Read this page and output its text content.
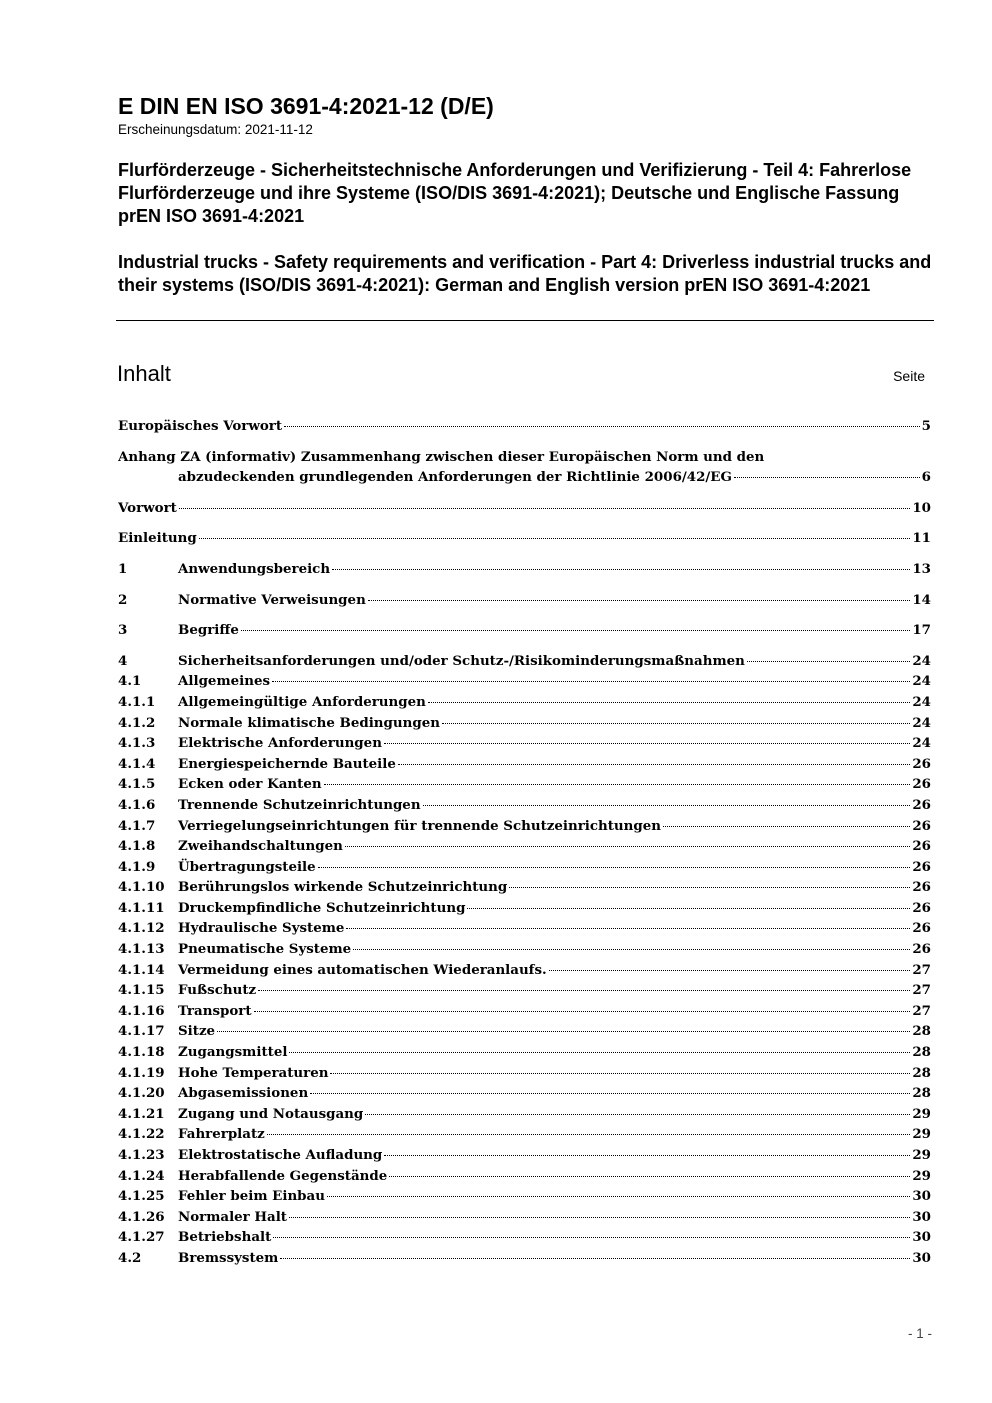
E DIN EN ISO 3691-4:2021-12 (D/E)
Erscheinungsdatum: 2021-11-12
Flurförderzeuge - Sicherheitstechnische Anforderungen und Verifizierung - Teil 4: Fahrerlose Flurförderzeuge und ihre Systeme (ISO/DIS 3691-4:2021); Deutsche und Englische Fassung prEN ISO 3691-4:2021
Industrial trucks - Safety requirements and verification - Part 4: Driverless industrial trucks and their systems (ISO/DIS 3691-4:2021): German and English version prEN ISO 3691-4:2021
Inhalt	Seite
Europäisches Vorwort	5
Anhang ZA (informativ) Zusammenhang zwischen dieser Europäischen Norm und den
abzudeckenden grundlegenden Anforderungen der Richtlinie 2006/42/EG	6
Vorwort	10
Einleitung	11
1	Anwendungsbereich	13
2	Normative Verweisungen	14
3	Begriffe	17
4	Sicherheitsanforderungen und/oder Schutz-/Risikominderungsmaßnahmen	24
4.1	Allgemeines	24
4.1.1	Allgemeingültige Anforderungen	24
4.1.2	Normale klimatische Bedingungen	24
4.1.3	Elektrische Anforderungen	24
4.1.4	Energiespeichernde Bauteile	26
4.1.5	Ecken oder Kanten	26
4.1.6	Trennende Schutzeinrichtungen	26
4.1.7	Verriegelungseinrichtungen für trennende Schutzeinrichtungen	26
4.1.8	Zweihandschaltungen	26
4.1.9	Übertragungsteile	26
4.1.10	Berührungslos wirkende Schutzeinrichtung	26
4.1.11	Druckempfindliche Schutzeinrichtung	26
4.1.12	Hydraulische Systeme	26
4.1.13	Pneumatische Systeme	26
4.1.14	Vermeidung eines automatischen Wiederanlaufs.	27
4.1.15	Fußschutz	27
4.1.16	Transport	27
4.1.17	Sitze	28
4.1.18	Zugangsmittel	28
4.1.19	Hohe Temperaturen	28
4.1.20	Abgasemissionen	28
4.1.21	Zugang und Notausgang	29
4.1.22	Fahrerplatz	29
4.1.23	Elektrostatische Aufladung	29
4.1.24	Herabfallende Gegenstände	29
4.1.25	Fehler beim Einbau	30
4.1.26	Normaler Halt	30
4.1.27	Betriebshalt	30
4.2	Bremssystem	30
- 1 -
